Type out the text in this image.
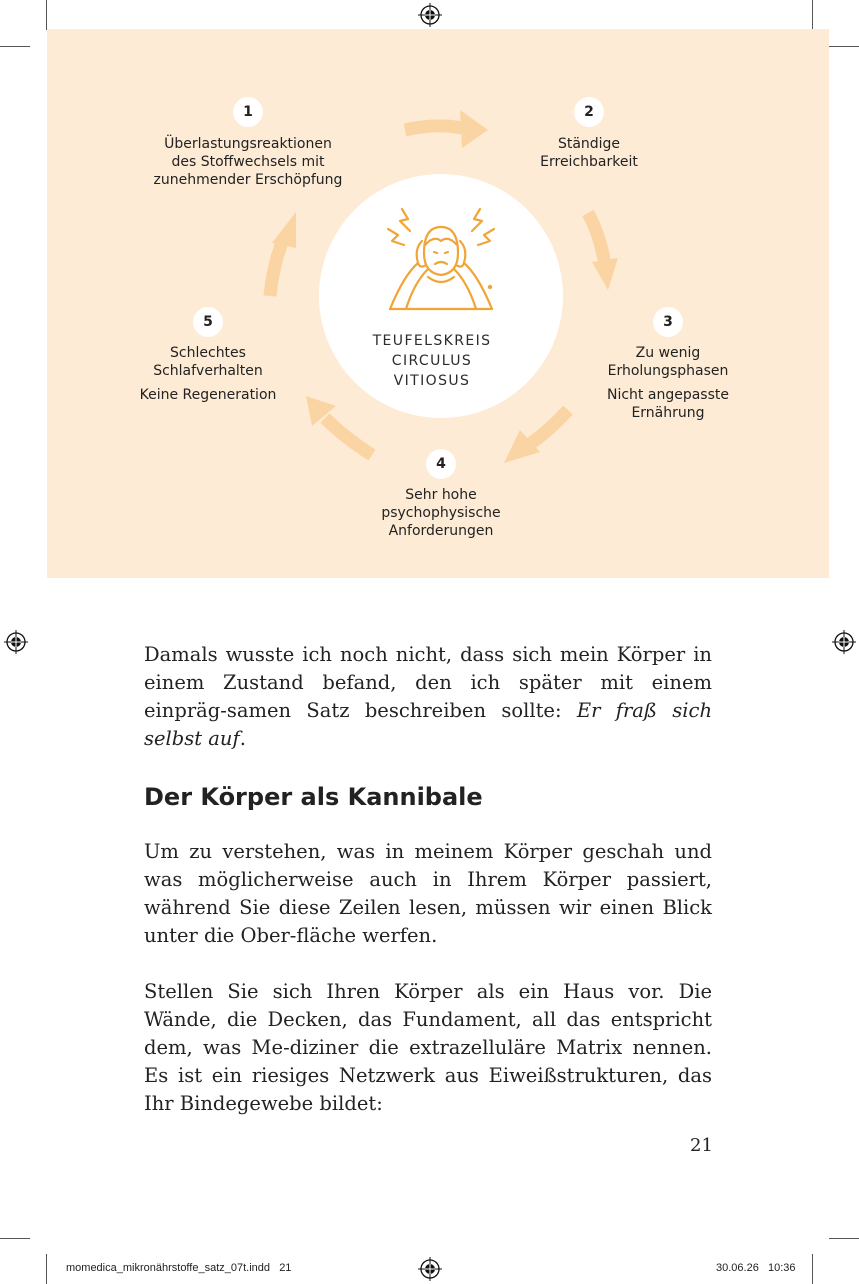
TEUFELSKREIS
CIRCULUS
VITIOSUS
1
Überlastungsreaktionen
des Stoffwechsels mit
zunehmender Erschöpfung
2
Ständige
Erreichbarkeit
3
Zu wenig
Erholungsphasen
Nicht angepasste
Ernährung
4
Sehr hohe
psychophysische
Anforderungen
5
Schlechtes
Schlafverhalten
Keine Regeneration

Damals wusste ich noch nicht, dass sich mein Körper in einem Zustand befand, den ich später mit einem einpräg-samen Satz beschreiben sollte: Er fraß sich selbst auf.

Der Körper als Kannibale

Um zu verstehen, was in meinem Körper geschah und was möglicherweise auch in Ihrem Körper passiert, während Sie diese Zeilen lesen, müssen wir einen Blick unter die Ober-fläche werfen.

Stellen Sie sich Ihren Körper als ein Haus vor. Die Wände, die Decken, das Fundament, all das entspricht dem, was Me-diziner die extrazelluläre Matrix nennen. Es ist ein riesiges Netzwerk aus Eiweißstrukturen, das Ihr Bindegewebe bildet:

21
momedica_mikronährstoffe_satz_07t.indd   21	30.06.26   10:36
